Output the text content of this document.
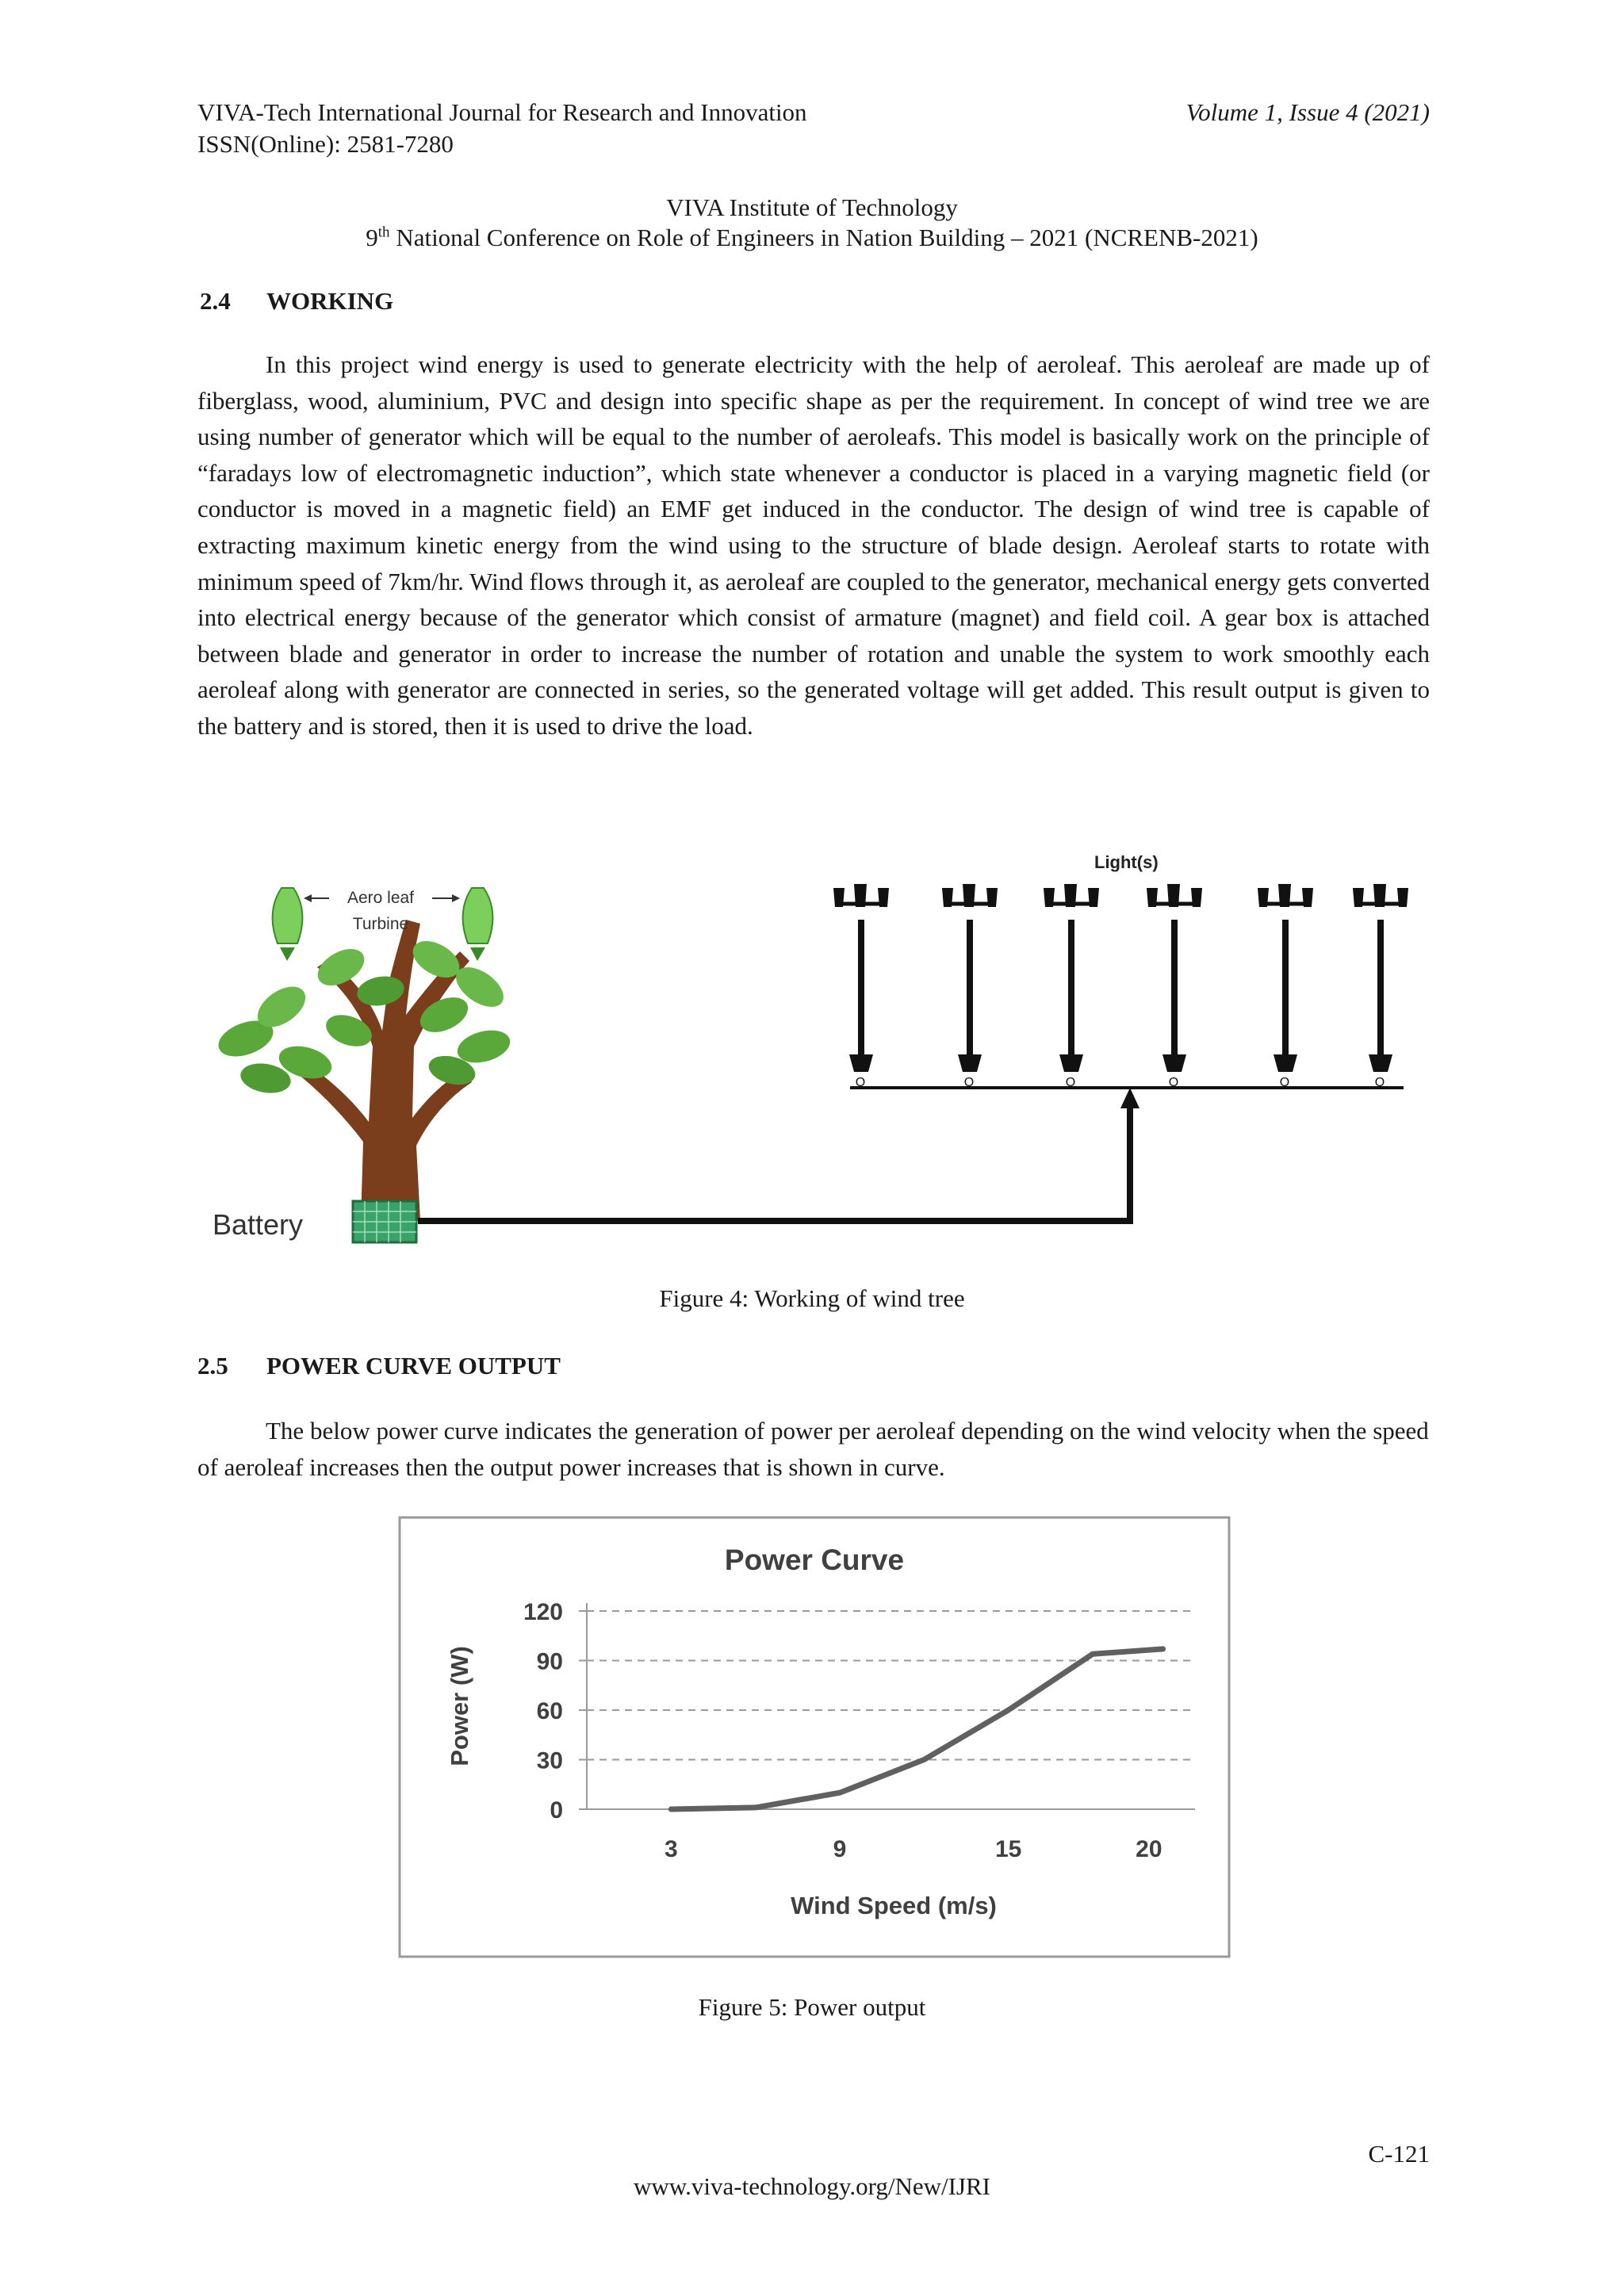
VIVA-Tech International Journal for Research and Innovation	Volume 1, Issue 4 (2021)
ISSN(Online): 2581-7280
VIVA Institute of Technology
9th National Conference on Role of Engineers in Nation Building – 2021 (NCRENB-2021)
2.4 WORKING

In this project wind energy is used to generate electricity with the help of aeroleaf. This aeroleaf are made up of fiberglass, wood, aluminium, PVC and design into specific shape as per the requirement. In concept of wind tree we are using number of generator which will be equal to the number of aeroleafs. This model is basically work on the principle of “faradays low of electromagnetic induction”, which state whenever a conductor is placed in a varying magnetic field (or conductor is moved in a magnetic field) an EMF get induced in the conductor. The design of wind tree is capable of extracting maximum kinetic energy from the wind using to the structure of blade design. Aeroleaf starts to rotate with minimum speed of 7km/hr. Wind flows through it, as aeroleaf are coupled to the generator, mechanical energy gets converted into electrical energy because of the generator which consist of armature (magnet) and field coil. A gear box is attached between blade and generator in order to increase the number of rotation and unable the system to work smoothly each aeroleaf along with generator are connected in series, so the generated voltage will get added. This result output is given to the battery and is stored, then it is used to drive the load.

Aero leaf
Turbine
Battery
Light(s)
O	O	O	O	O	O
Figure 4: Working of wind tree
2.5 POWER CURVE OUTPUT

The below power curve indicates the generation of power per aeroleaf depending on the wind velocity when the speed of aeroleaf increases then the output power increases that is shown in curve.

Power Curve
Power (W)
Wind Speed (m/s)
0
30
60
90
120
3	9	15	20
Figure 5: Power output
C-121
www.viva-technology.org/New/IJRI
